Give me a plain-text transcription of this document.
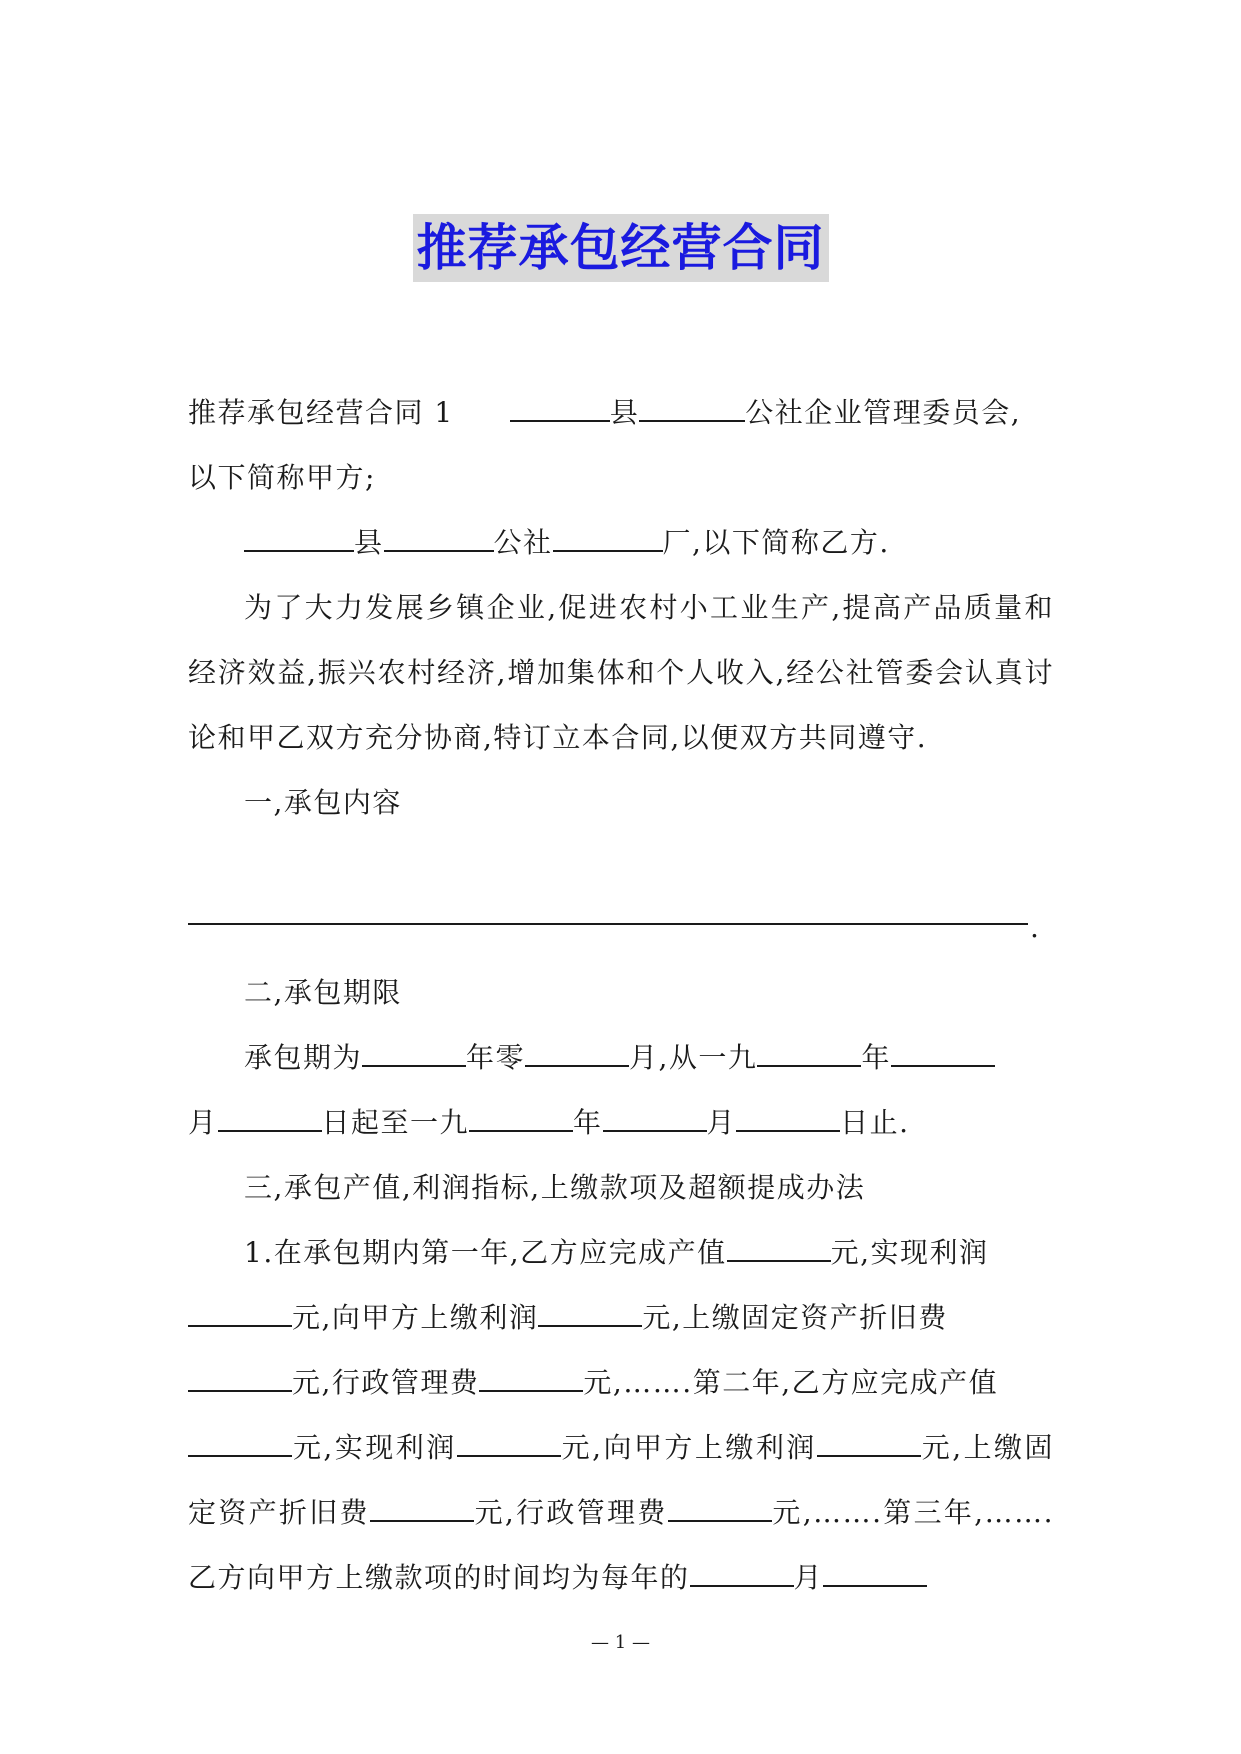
推荐承包经营合同

推荐承包经营合同 1	县	公社企业管理委员会,
以下简称甲方;

县	公社	厂,以下简称乙方.

为了大力发展乡镇企业,促进农村小工业生产,提高产品质量和经济效益,振兴农村经济,增加集体和个人收入,经公社管委会认真讨论和甲乙双方充分协商,特订立本合同,以便双方共同遵守.

一,承包内容

.

二,承包期限

承包期为	年零	月,从一九	年
月	日起至一九	年	月	日止.

三,承包产值,利润指标,上缴款项及超额提成办法

1.在承包期内第一年,乙方应完成产值	元,实现利润
元,向甲方上缴利润	元,上缴固定资产折旧费
元,行政管理费	元,…….第二年,乙方应完成产值
元,实现利润	元,向甲方上缴利润	元,上缴固定资产折旧费	元,行政管理费	元,…….第三年,…….乙方向甲方上缴款项的时间均为每年的	月

— 1 —
